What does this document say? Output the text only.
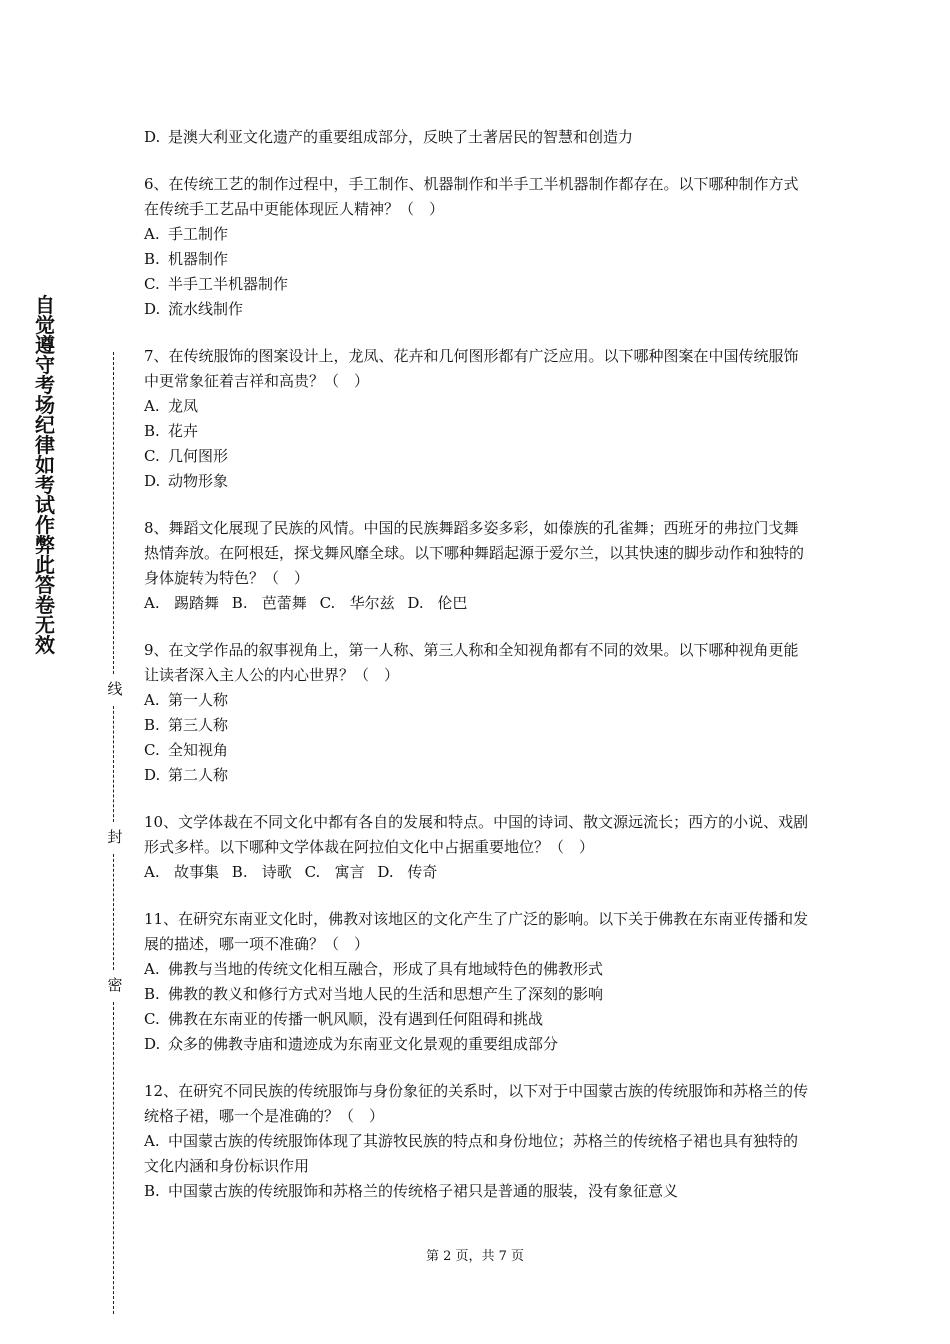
自觉遵守考场纪律如考试作弊此答卷无效
线
封
密

D. 是澳大利亚文化遗产的重要组成部分，反映了土著居民的智慧和创造力

6、在传统工艺的制作过程中，手工制作、机器制作和半手工半机器制作都存在。以下哪种制作方式在传统手工艺品中更能体现匠人精神？（　）

A. 手工制作

B. 机器制作

C. 半手工半机器制作

D. 流水线制作

7、在传统服饰的图案设计上，龙凤、花卉和几何图形都有广泛应用。以下哪种图案在中国传统服饰中更常象征着吉祥和高贵？（　）

A. 龙凤

B. 花卉

C. 几何图形

D. 动物形象

8、舞蹈文化展现了民族的风情。中国的民族舞蹈多姿多彩，如傣族的孔雀舞；西班牙的弗拉门戈舞热情奔放。在阿根廷，探戈舞风靡全球。以下哪种舞蹈起源于爱尔兰，以其快速的脚步动作和独特的身体旋转为特色？（　）

A. 踢踏舞 B. 芭蕾舞 C. 华尔兹 D. 伦巴

9、在文学作品的叙事视角上，第一人称、第三人称和全知视角都有不同的效果。以下哪种视角更能让读者深入主人公的内心世界？（　）

A. 第一人称

B. 第三人称

C. 全知视角

D. 第二人称

10、文学体裁在不同文化中都有各自的发展和特点。中国的诗词、散文源远流长；西方的小说、戏剧形式多样。以下哪种文学体裁在阿拉伯文化中占据重要地位？（　）

A. 故事集 B. 诗歌 C. 寓言 D. 传奇

11、在研究东南亚文化时，佛教对该地区的文化产生了广泛的影响。以下关于佛教在东南亚传播和发展的描述，哪一项不准确？（　）

A. 佛教与当地的传统文化相互融合，形成了具有地域特色的佛教形式

B. 佛教的教义和修行方式对当地人民的生活和思想产生了深刻的影响

C. 佛教在东南亚的传播一帆风顺，没有遇到任何阻碍和挑战

D. 众多的佛教寺庙和遗迹成为东南亚文化景观的重要组成部分

12、在研究不同民族的传统服饰与身份象征的关系时，以下对于中国蒙古族的传统服饰和苏格兰的传统格子裙，哪一个是准确的？（　）

A. 中国蒙古族的传统服饰体现了其游牧民族的特点和身份地位；苏格兰的传统格子裙也具有独特的文化内涵和身份标识作用

B. 中国蒙古族的传统服饰和苏格兰的传统格子裙只是普通的服装，没有象征意义

第 2 页，共 7 页
